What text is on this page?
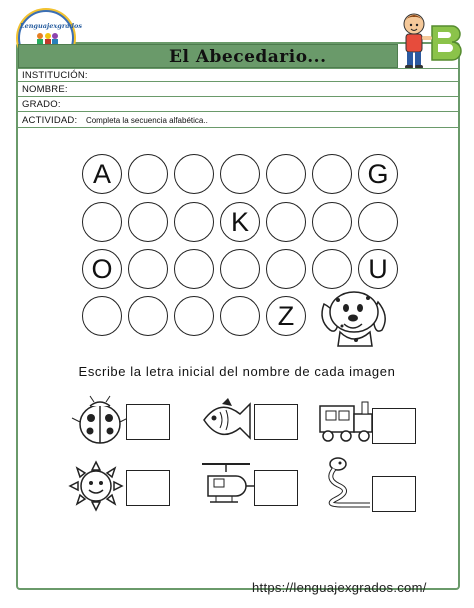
Lenguajexgrados
El Abecedario...
INSTITUCIÓN:
NOMBRE:
GRADO:
ACTIVIDAD: Completa la secuencia alfabética..
A	G
K
O	U
Z
Escribe la letra inicial del nombre de cada imagen
https://lenguajexgrados.com/
